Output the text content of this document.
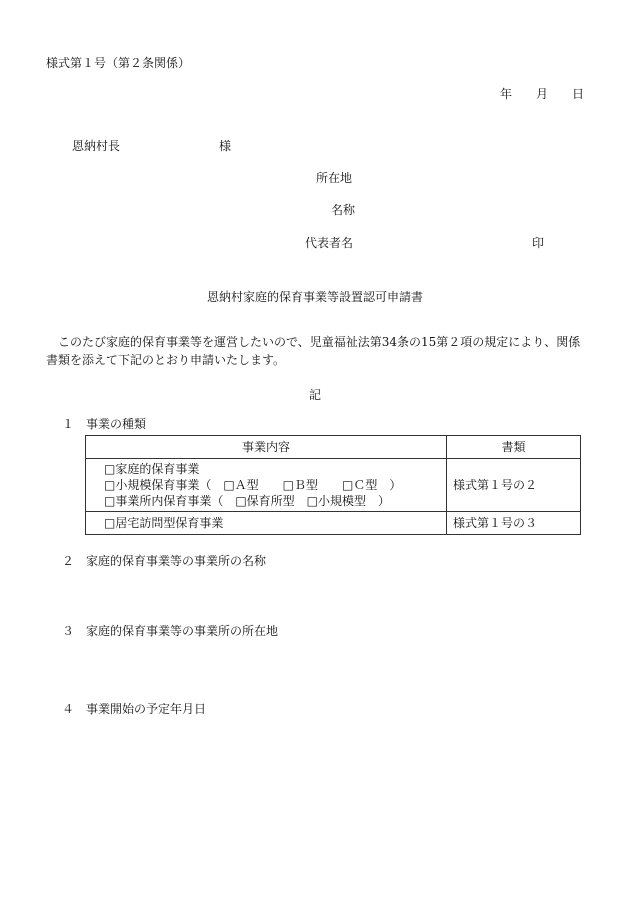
様式第１号（第２条関係）
年　　月　　日
恩納村長	様
所在地
名称
代表者名	印
恩納村家庭的保育事業等設置認可申請書
　このたび家庭的保育事業等を運営したいので、児童福祉法第34条の15第２項の規定により、関係書類を添えて下記のとおり申請いたします。
記
１ 事業の種類
事業内容	書類

□家庭的保育事業
□小規模保育事業（　□Ａ型　　□Ｂ型　　□Ｃ型　）
□事業所内保育事業（　□保育所型　□小規模型　）	様式第１号の２

□居宅訪問型保育事業	様式第１号の３
２ 家庭的保育事業等の事業所の名称
３ 家庭的保育事業等の事業所の所在地
４ 事業開始の予定年月日
